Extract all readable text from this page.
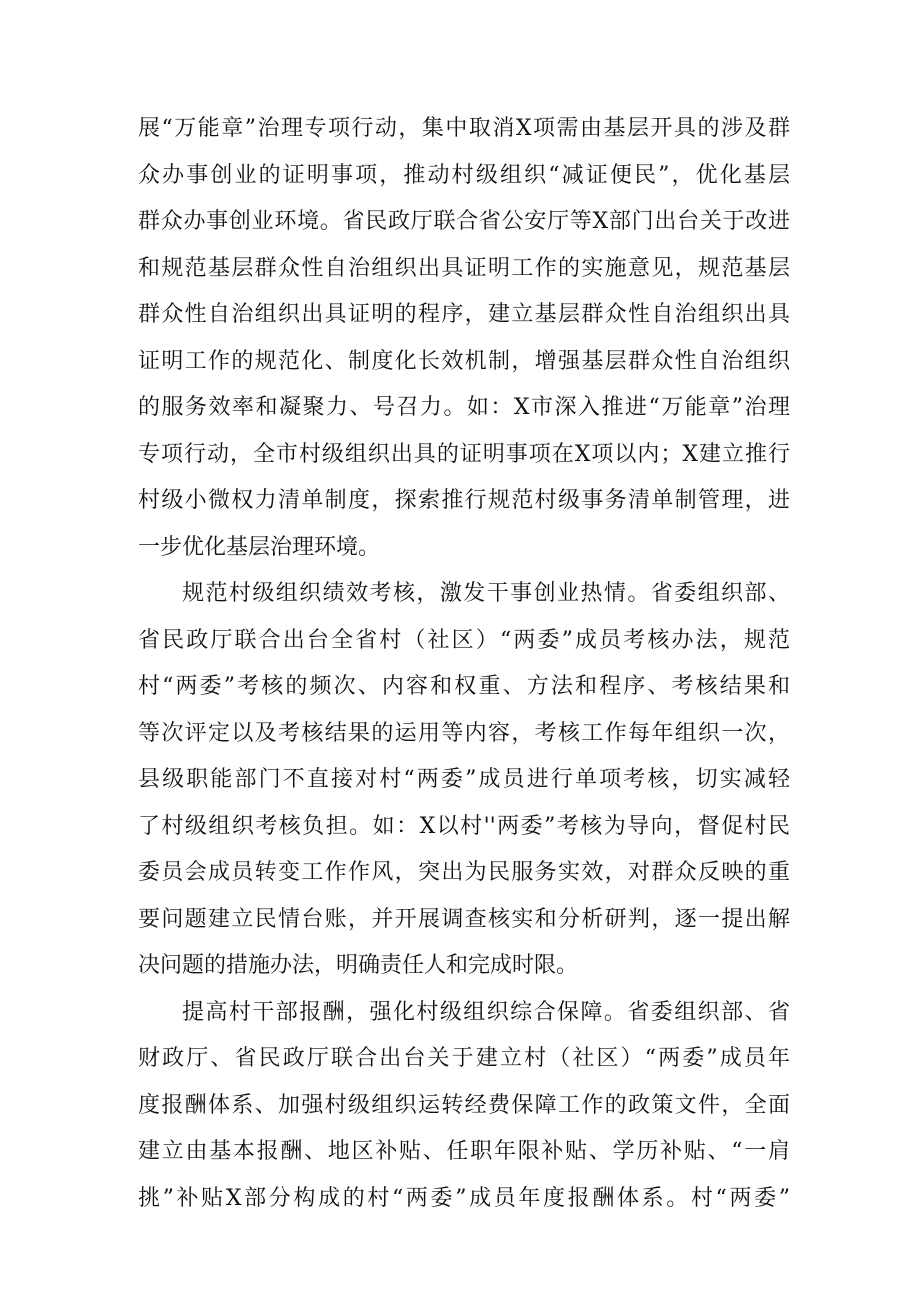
展“万能章”治理专项行动，集中取消X项需由基层开具的涉及群
众办事创业的证明事项，推动村级组织“减证便民”，优化基层
群众办事创业环境。省民政厅联合省公安厅等X部门出台关于改进
和规范基层群众性自治组织出具证明工作的实施意见，规范基层
群众性自治组织出具证明的程序，建立基层群众性自治组织出具
证明工作的规范化、制度化长效机制，增强基层群众性自治组织
的服务效率和凝聚力、号召力。如：X市深入推进“万能章”治理
专项行动，全市村级组织出具的证明事项在X项以内；X建立推行
村级小微权力清单制度，探索推行规范村级事务清单制管理，进
一步优化基层治理环境。
规范村级组织绩效考核，激发干事创业热情。省委组织部、
省民政厅联合出台全省村（社区）“两委”成员考核办法，规范
村“两委”考核的频次、内容和权重、方法和程序、考核结果和
等次评定以及考核结果的运用等内容，考核工作每年组织一次，
县级职能部门不直接对村“两委”成员进行单项考核，切实减轻
了村级组织考核负担。如：X以村''两委”考核为导向，督促村民
委员会成员转变工作作风，突出为民服务实效，对群众反映的重
要问题建立民情台账，并开展调查核实和分析研判，逐一提出解
决问题的措施办法，明确责任人和完成时限。
提高村干部报酬，强化村级组织综合保障。省委组织部、省
财政厅、省民政厅联合出台关于建立村（社区）“两委”成员年
度报酬体系、加强村级组织运转经费保障工作的政策文件，全面
建立由基本报酬、地区补贴、任职年限补贴、学历补贴、“一肩
挑”补贴X部分构成的村“两委”成员年度报酬体系。村“两委”
